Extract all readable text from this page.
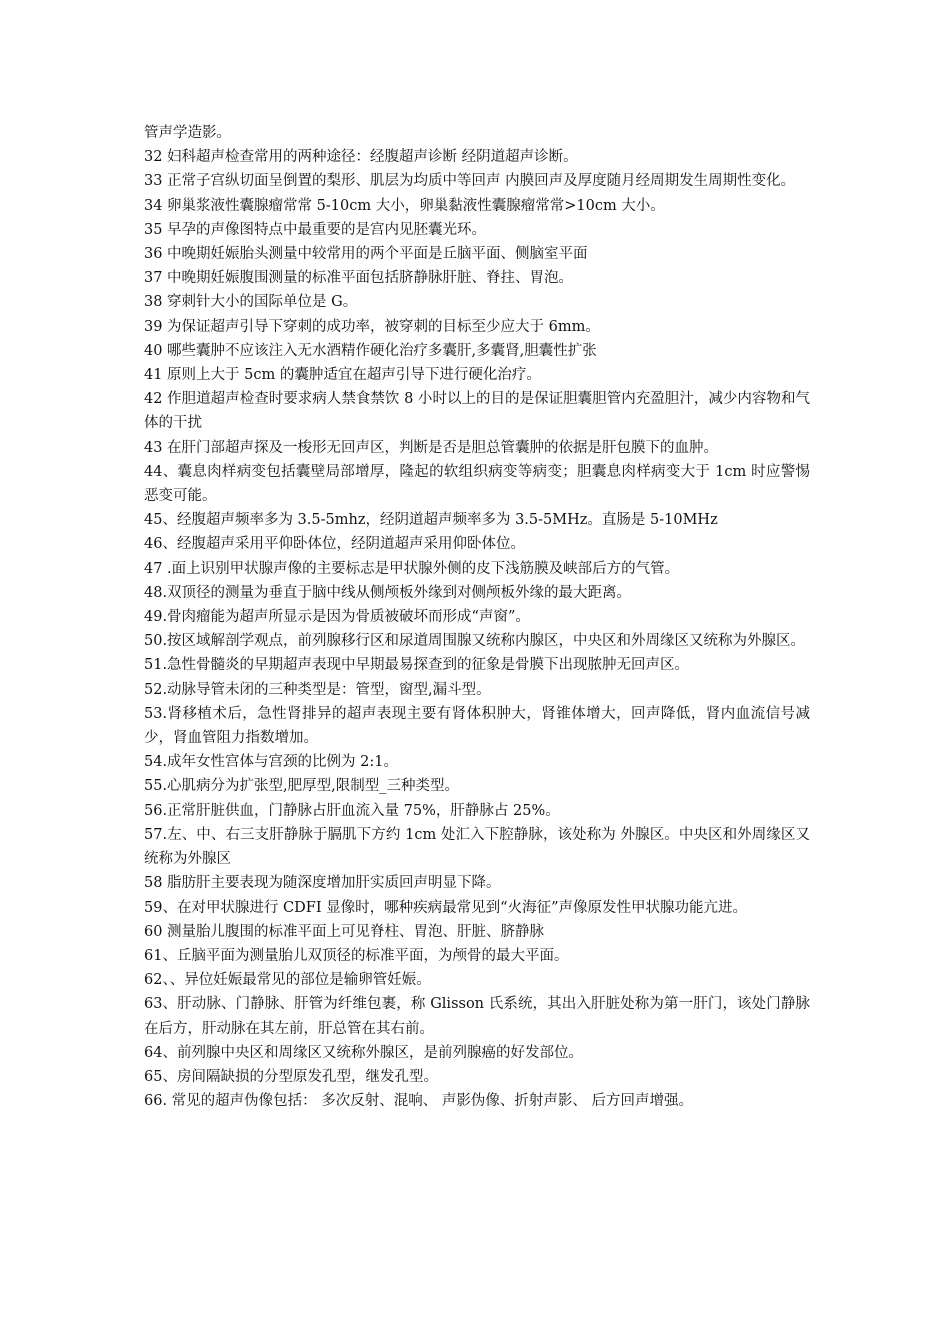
管声学造影。

32 妇科超声检查常用的两种途径：经腹超声诊断 经阴道超声诊断。

33 正常子宫纵切面呈倒置的梨形、肌层为均质中等回声 内膜回声及厚度随月经周期发生周期性变化。

34 卵巢浆液性囊腺瘤常常 5-10cm 大小，卵巢黏液性囊腺瘤常常>10cm 大小。

35 早孕的声像图特点中最重要的是宫内见胚囊光环。

36 中晚期妊娠胎头测量中较常用的两个平面是丘脑平面、侧脑室平面

37 中晚期妊娠腹围测量的标准平面包括脐静脉肝脏、脊拄、胃泡。

38 穿刺针大小的国际单位是 G。

39 为保证超声引导下穿刺的成功率，被穿刺的目标至少应大于 6mm。

40 哪些囊肿不应该注入无水酒精作硬化治疗多囊肝,多囊肾,胆囊性扩张

41 原则上大于 5cm 的囊肿适宜在超声引导下进行硬化治疗。

42 作胆道超声检查时要求病人禁食禁饮 8 小时以上的目的是保证胆囊胆管内充盈胆汁，减少内容物和气体的干扰

43 在肝门部超声探及一梭形无回声区，判断是否是胆总管囊肿的依据是肝包膜下的血肿。

44、囊息肉样病变包括囊壁局部增厚，隆起的软组织病变等病变；胆囊息肉样病变大于 1cm 时应警惕恶变可能。

45、经腹超声频率多为 3.5-5mhz，经阴道超声频率多为 3.5-5MHz。直肠是 5-10MHz

46、经腹超声采用平仰卧体位，经阴道超声采用仰卧体位。

47 .面上识别甲状腺声像的主要标志是甲状腺外侧的皮下浅筋膜及峡部后方的气管。

48.双顶径的测量为垂直于脑中线从侧颅板外缘到对侧颅板外缘的最大距离。

49.骨肉瘤能为超声所显示是因为骨质被破坏而形成“声窗”。

50.按区域解剖学观点，前列腺移行区和尿道周围腺又统称内腺区，中央区和外周缘区又统称为外腺区。

51.急性骨髓炎的早期超声表现中早期最易探查到的征象是骨膜下出现脓肿无回声区。

52.动脉导管未闭的三种类型是：管型，窗型,漏斗型。

53.肾移植术后，急性肾排异的超声表现主要有肾体积肿大，肾锥体增大，回声降低，肾内血流信号减少，肾血管阻力指数增加。

54.成年女性宫体与宫颈的比例为 2:1。

55.心肌病分为扩张型,肥厚型,限制型_三种类型。

56.正常肝脏供血，门静脉占肝血流入量 75%，肝静脉占 25%。

57.左、中、右三支肝静脉于膈肌下方约 1cm 处汇入下腔静脉，该处称为 外腺区。中央区和外周缘区又统称为外腺区

58 脂肪肝主要表现为随深度增加肝实质回声明显下降。

59、在对甲状腺进行 CDFI 显像时，哪种疾病最常见到“火海征”声像原发性甲状腺功能亢进。

60 测量胎儿腹围的标准平面上可见脊柱、胃泡、肝脏、脐静脉

61、丘脑平面为测量胎儿双顶径的标准平面，为颅骨的最大平面。

62、、异位妊娠最常见的部位是输卵管妊娠。

63、肝动脉、门静脉、肝管为纤维包裹，称 Glisson 氏系统，其出入肝脏处称为第一肝门，该处门静脉在后方，肝动脉在其左前，肝总管在其右前。

64、前列腺中央区和周缘区又统称外腺区，是前列腺癌的好发部位。

65、房间隔缺损的分型原发孔型，继发孔型。

66. 常见的超声伪像包括： 多次反射、混响、 声影伪像、折射声影、 后方回声增强。
